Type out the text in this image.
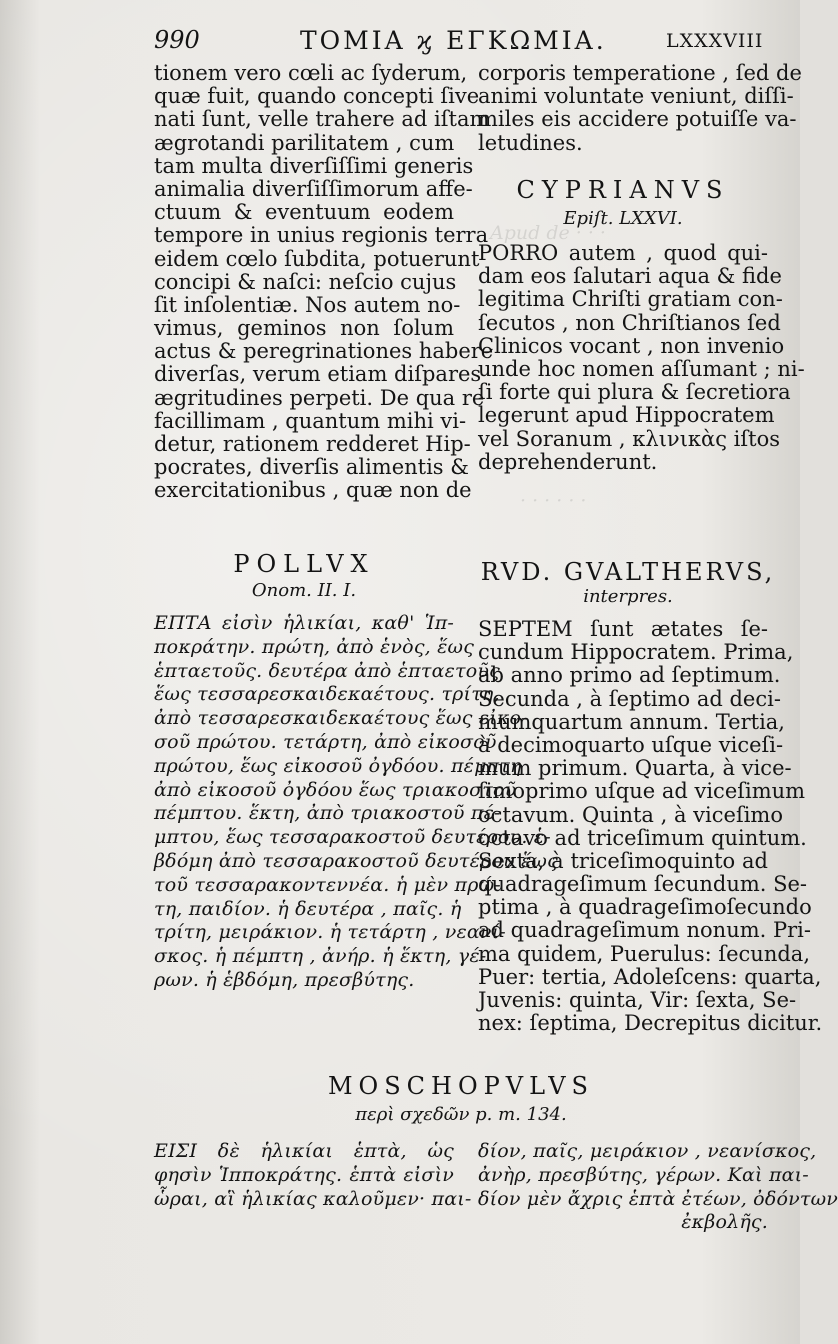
Apud de · · ·
· · · · · ·
990	ΤΟΜΙΑ ϗ ΕΓΚΩΜΙΑ.	LXXXVIII
tionem vero cœli ac ſyderum,
quæ fuit, quando concepti ſive
nati ſunt, velle trahere ad iſtam
ægrotandi parilitatem , cum
tam multa diverſiſſimi generis
animalia diverſiſſimorum affe-
ctuum & eventuum eodem
tempore in unius regionis terra
eidem cœlo ſubdita, potuerunt
concipi & naſci: neſcio cujus
ſit inſolentiæ. Nos autem no-
vimus, geminos non ſolum
actus & peregrinationes habere
diverſas, verum etiam diſpares
ægritudines perpeti. De qua re
facillimam , quantum mihi vi-
detur, rationem redderet Hip-
pocrates, diverſis alimentis &
exercitationibus , quæ non de
corporis temperatione , ſed de
animi voluntate veniunt, diſſi-
miles eis accidere potuiſſe va-
letudines.
CYPRIANVS
Epiſt. LXXVI.
PORRO autem , quod qui-
dam eos ſalutari aqua & fide
legitima Chriſti gratiam con-
ſecutos , non Chriſtianos ſed
Clinicos vocant , non invenio
unde hoc nomen aſſumant ; ni-
ſi forte qui plura & ſecretiora
legerunt apud Hippocratem
vel Soranum , κλινικὰς iſtos
deprehenderunt.
POLLVX
Onom. II. I.
ΕΠΤΑ εἰσὶν ἡλικίαι, καθ' Ἱπ-
ποκράτην. πρώτη, ἀπὸ ἑνὸς, ἕως
ἑπταετοῦς. δευτέρα ἀπὸ ἑπταετοῦς
ἕως τεσσαρεσκαιδεκαέτους. τρίτη,
ἀπὸ τεσσαρεσκαιδεκαέτους ἕως εἰκο-
σοῦ πρώτου. τετάρτη, ἀπὸ εἰκοσοῦ
πρώτου, ἕως εἰκοσοῦ ὀγδόου. πέμπτη
ἀπὸ εἰκοσοῦ ὀγδόου ἕως τριακοστοῦ
πέμπτου. ἕκτη, ἀπὸ τριακοστοῦ πέ-
μπτου, ἕως τεσσαρακοστοῦ δευτέρου. ἑ-
βδόμη ἀπὸ τεσσαρακοστοῦ δευτέρου ἕως
τοῦ τεσσαρακοντεννέα. ἡ μὲν πρώ-
τη, παιδίον. ἡ δευτέρα , παῖς. ἡ
τρίτη, μειράκιον. ἡ τετάρτη , νεανί-
σκος. ἡ πέμπτη , ἀνήρ. ἡ ἕκτη, γέ-
ρων. ἡ ἑβδόμη, πρεσβύτης.
RVD. GVALTHERVS,
interpres.
SEPTEM ſunt ætates ſe-
cundum Hippocratem. Prima,
ab anno primo ad ſeptimum.
Secunda , à ſeptimo ad deci-
mumquartum annum. Tertia,
à decimoquarto uſque viceſi-
mum primum. Quarta, à vice-
ſimoprimo uſque ad viceſimum
octavum. Quinta , à viceſimo
octavo ad triceſimum quintum.
Sexta, à triceſimoquinto ad
quadrageſimum ſecundum. Se-
ptima , à quadrageſimoſecundo
ad quadrageſimum nonum. Pri-
ma quidem, Puerulus: ſecunda,
Puer: tertia, Adoleſcens: quarta,
Juvenis: quinta, Vir: ſexta, Se-
nex: ſeptima, Decrepitus dicitur.
MOSCHOPVLVS
περὶ σχεδῶν p. m. 134.
ΕΙΣΙ δὲ ἡλικίαι ἑπτὰ, ὡς
φησὶν Ἱπποκράτης. ἑπτὰ εἰσὶν
ὧραι, αἳ ἡλικίας καλοῦμεν· παι-
δίον, παῖς, μειράκιον , νεανίσκος,
ἀνὴρ, πρεσβύτης, γέρων. Καὶ παι-
δίον μὲν ἄχρις ἑπτὰ ἐτέων, ὀδόντων
ἐκβολῆς.
